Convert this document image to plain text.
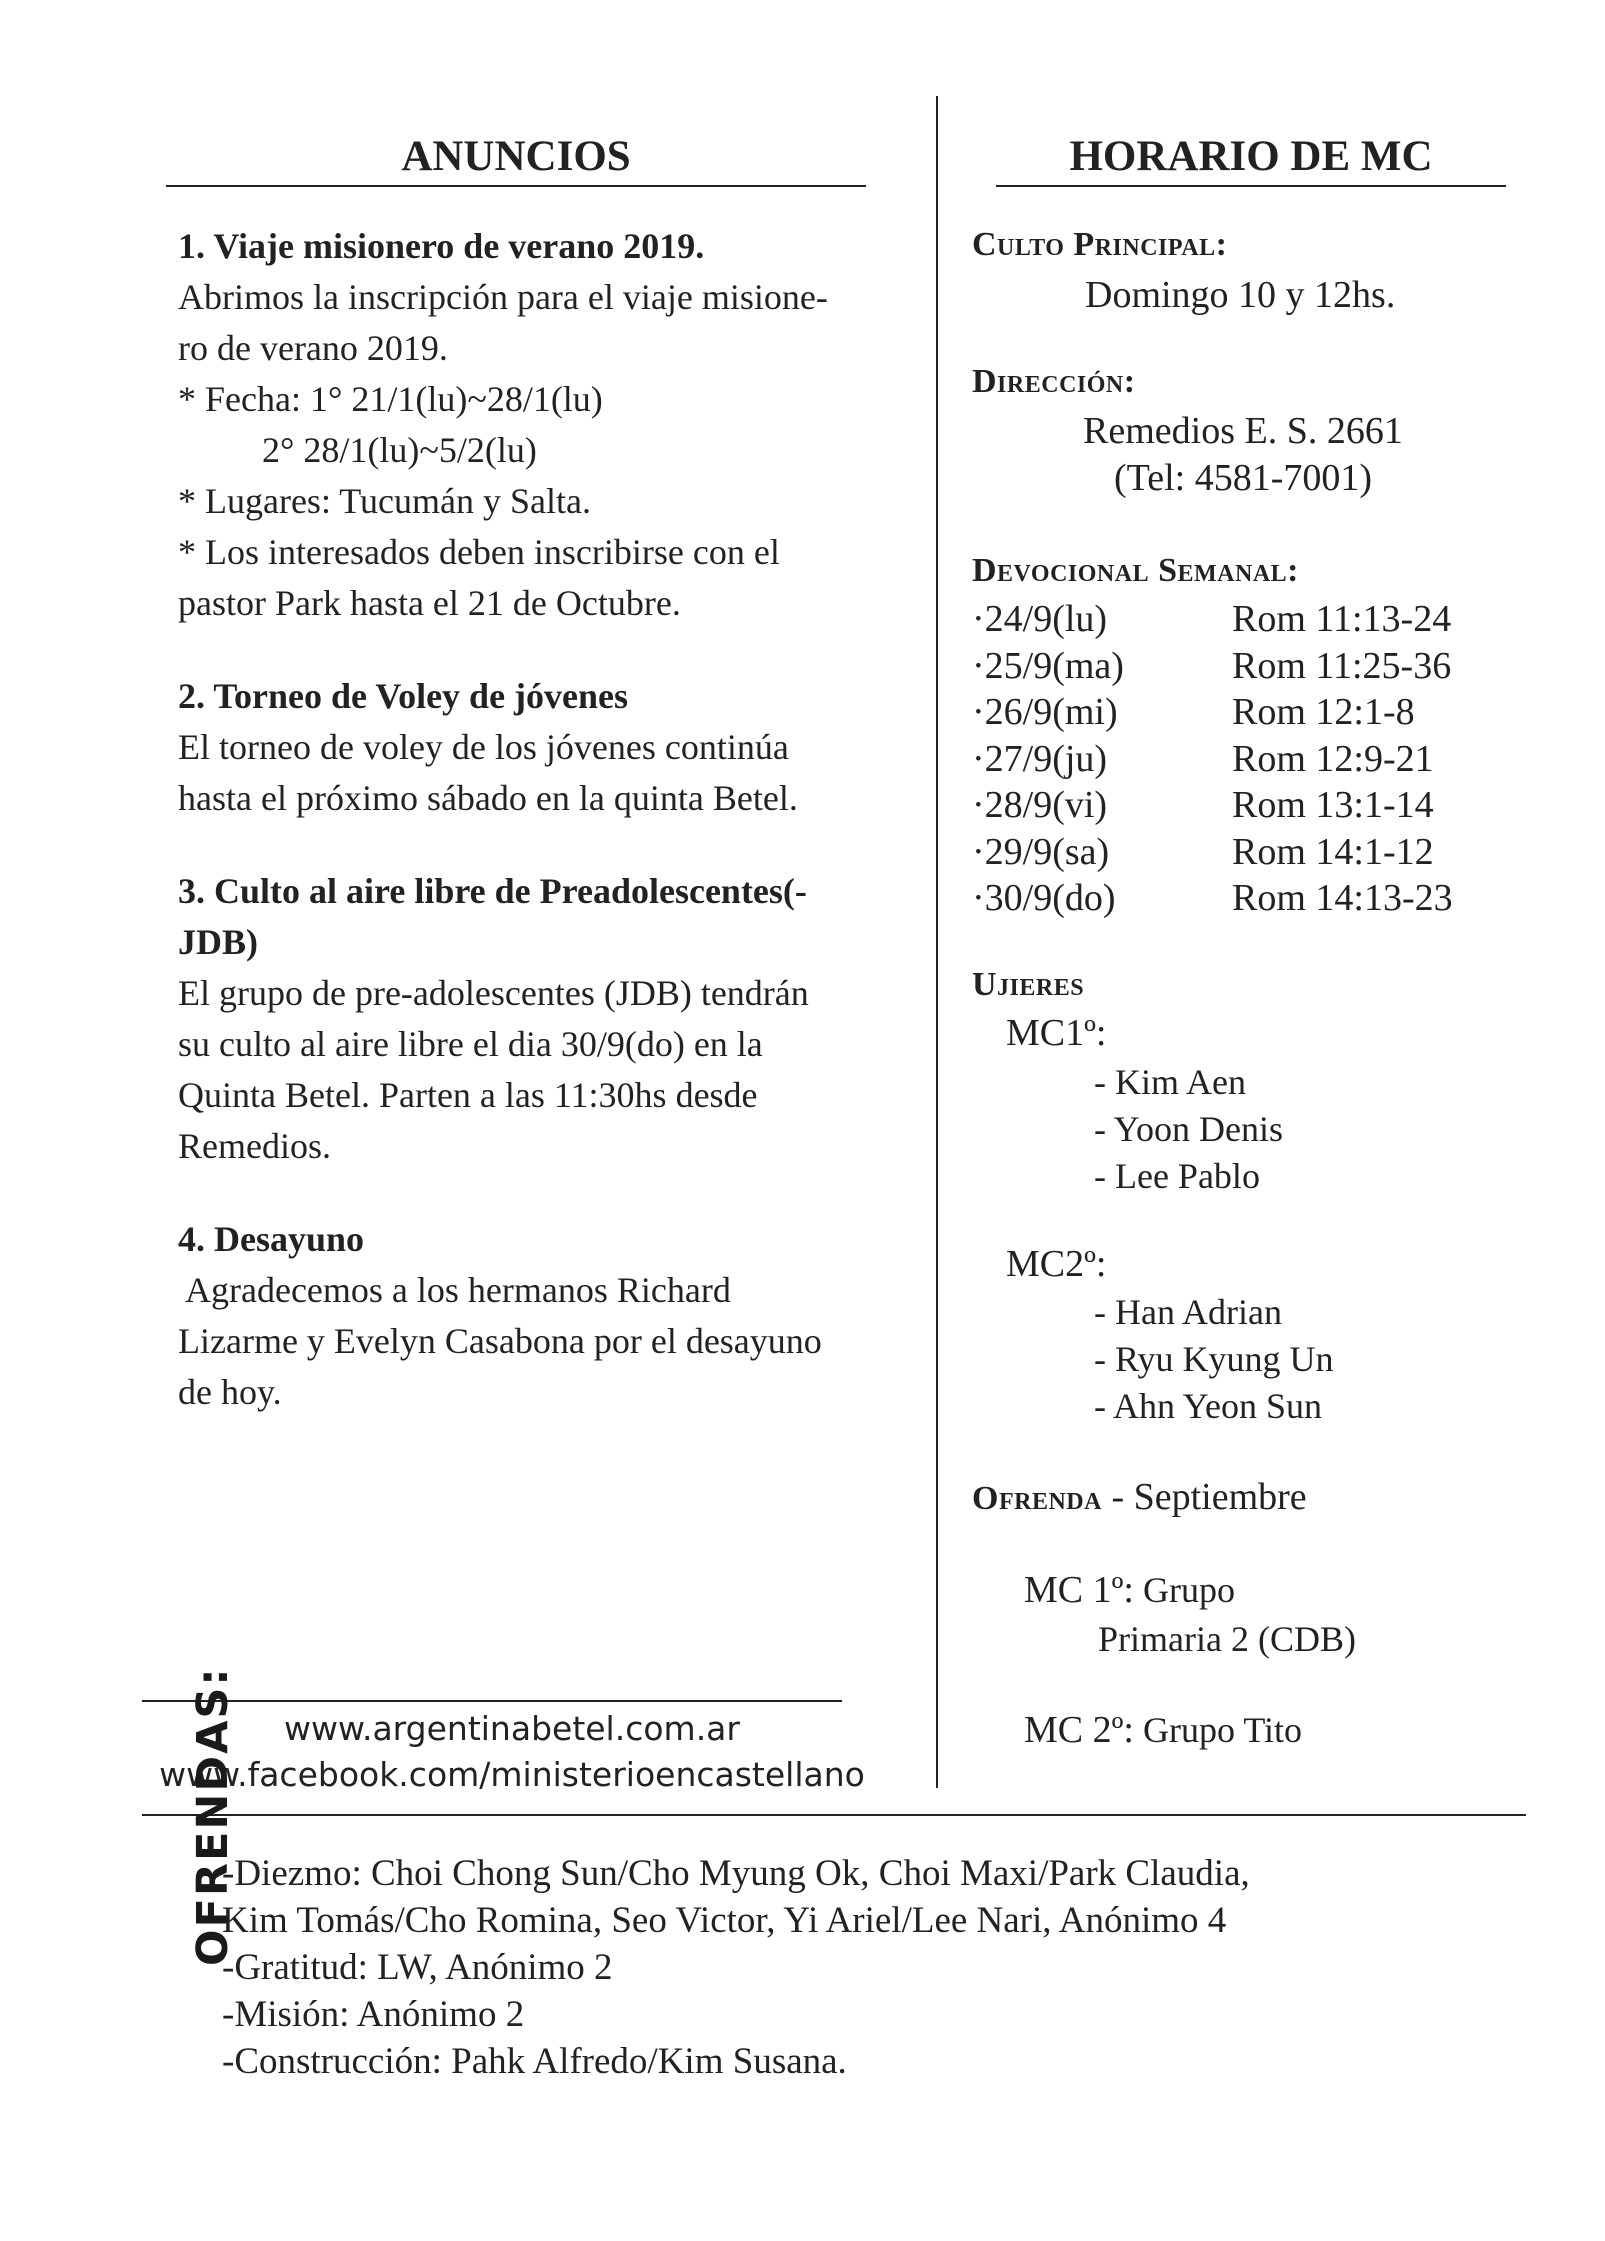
ANUNCIOS

1. Viaje misionero de verano 2019.

Abrimos la inscripción para el viaje misione-

ro de verano 2019.

* Fecha: 1° 21/1(lu)~28/1(lu)

2° 28/1(lu)~5/2(lu)

* Lugares: Tucumán y Salta.

* Los interesados deben inscribirse con el

pastor Park hasta el 21 de Octubre.

2. Torneo de Voley de jóvenes

El torneo de voley de los jóvenes continúa

hasta el próximo sábado en la quinta Betel.

3. Culto al aire libre de Preadolescentes(-

JDB)

El grupo de pre-adolescentes (JDB) tendrán

su culto al aire libre el dia 30/9(do) en la

Quinta Betel. Parten a las 11:30hs desde

Remedios.

4. Desayuno

Agradecemos a los hermanos Richard

Lizarme y Evelyn Casabona por el desayuno

de hoy.

www.argentinabetel.com.ar
www.facebook.com/ministerioencastellano
HORARIO DE MC
Culto Principal:
Domingo 10 y 12hs.
Dirección:
Remedios E. S. 2661
(Tel: 4581-7001)
Devocional Semanal:
·24/9(lu)	Rom 11:13-24
·25/9(ma)	Rom 11:25-36
·26/9(mi)	Rom 12:1-8
·27/9(ju)	Rom 12:9-21
·28/9(vi)	Rom 13:1-14
·29/9(sa)	Rom 14:1-12
·30/9(do)	Rom 14:13-23
Ujieres
MC1º:
- Kim Aen
- Yoon Denis
- Lee Pablo
MC2º:
- Han Adrian
- Ryu Kyung Un
- Ahn Yeon Sun
Ofrenda - Septiembre
MC 1º: Grupo
Primaria 2 (CDB)
MC 2º: Grupo Tito
OFRENDAS:

-Diezmo: Choi Chong Sun/Cho Myung Ok, Choi Maxi/Park Claudia,

Kim Tomás/Cho Romina, Seo Victor, Yi Ariel/Lee Nari, Anónimo 4

-Gratitud: LW, Anónimo 2

-Misión: Anónimo 2

-Construcción: Pahk Alfredo/Kim Susana.
